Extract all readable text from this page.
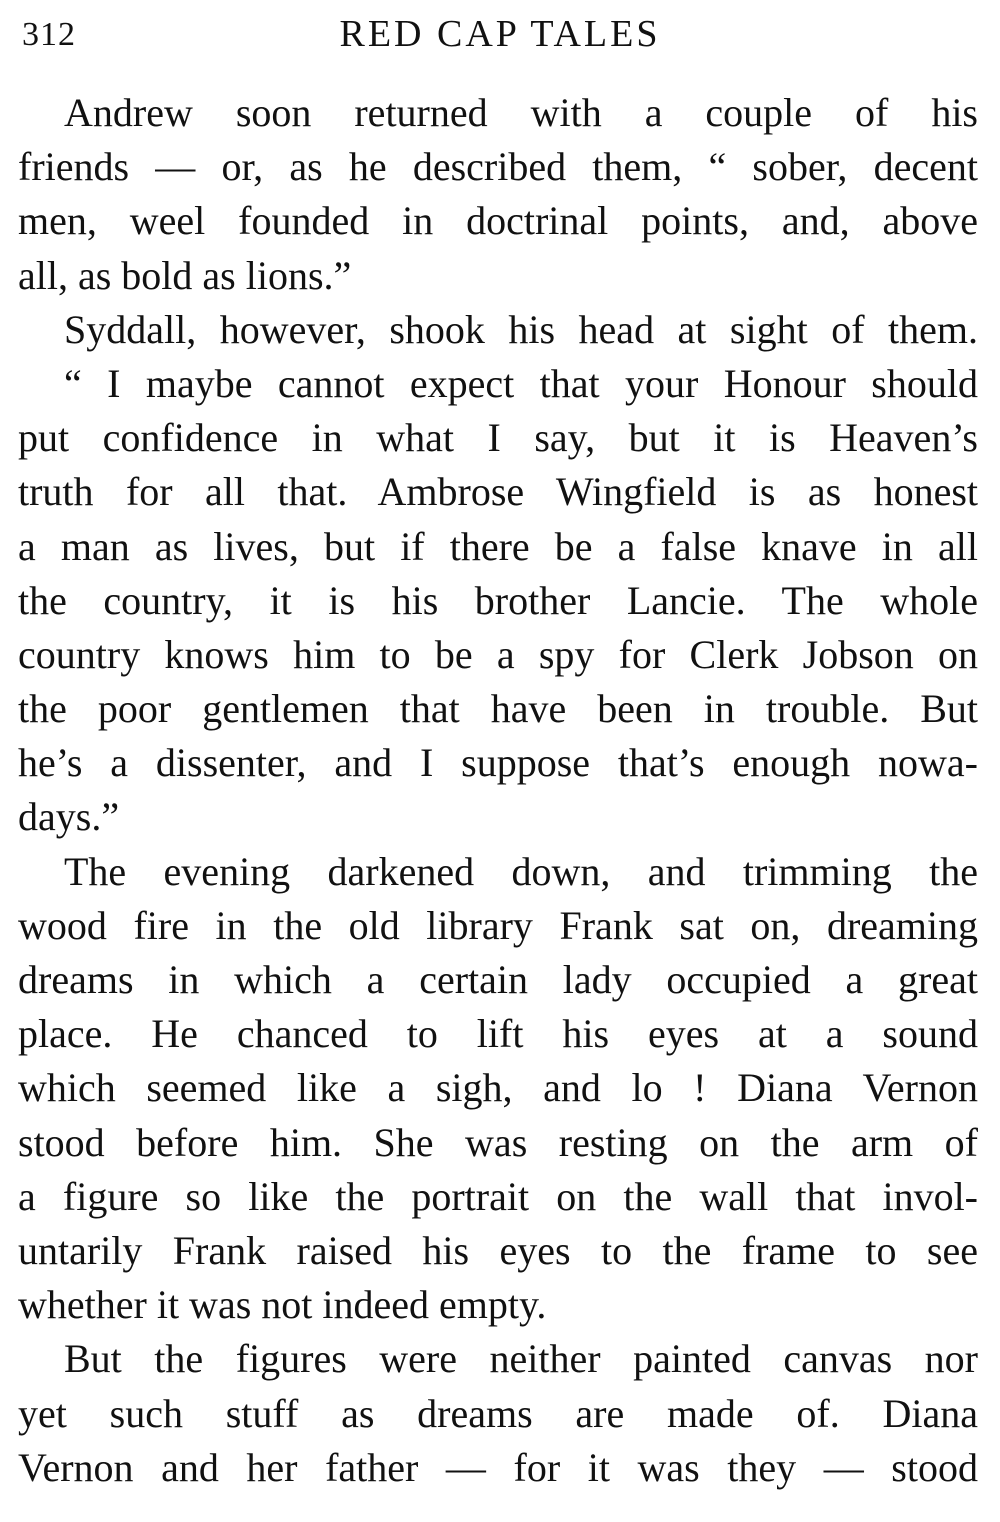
312	RED CAP TALES
Andrew soon returned with a couple of his
friends — or, as he described them, “ sober, decent
men, weel founded in doctrinal points, and, above
all, as bold as lions.”
Syddall, however, shook his head at sight of them.
“ I maybe cannot expect that your Honour should
put confidence in what I say, but it is Heaven’s
truth for all that. Ambrose Wingfield is as honest
a man as lives, but if there be a false knave in all
the country, it is his brother Lancie. The whole
country knows him to be a spy for Clerk Jobson on
the poor gentlemen that have been in trouble. But
he’s a dissenter, and I suppose that’s enough nowa-
days.”
The evening darkened down, and trimming the
wood fire in the old library Frank sat on, dreaming
dreams in which a certain lady occupied a great
place. He chanced to lift his eyes at a sound
which seemed like a sigh, and lo ! Diana Vernon
stood before him. She was resting on the arm of
a figure so like the portrait on the wall that invol-
untarily Frank raised his eyes to the frame to see
whether it was not indeed empty.
But the figures were neither painted canvas nor
yet such stuff as dreams are made of. Diana
Vernon and her father — for it was they — stood
